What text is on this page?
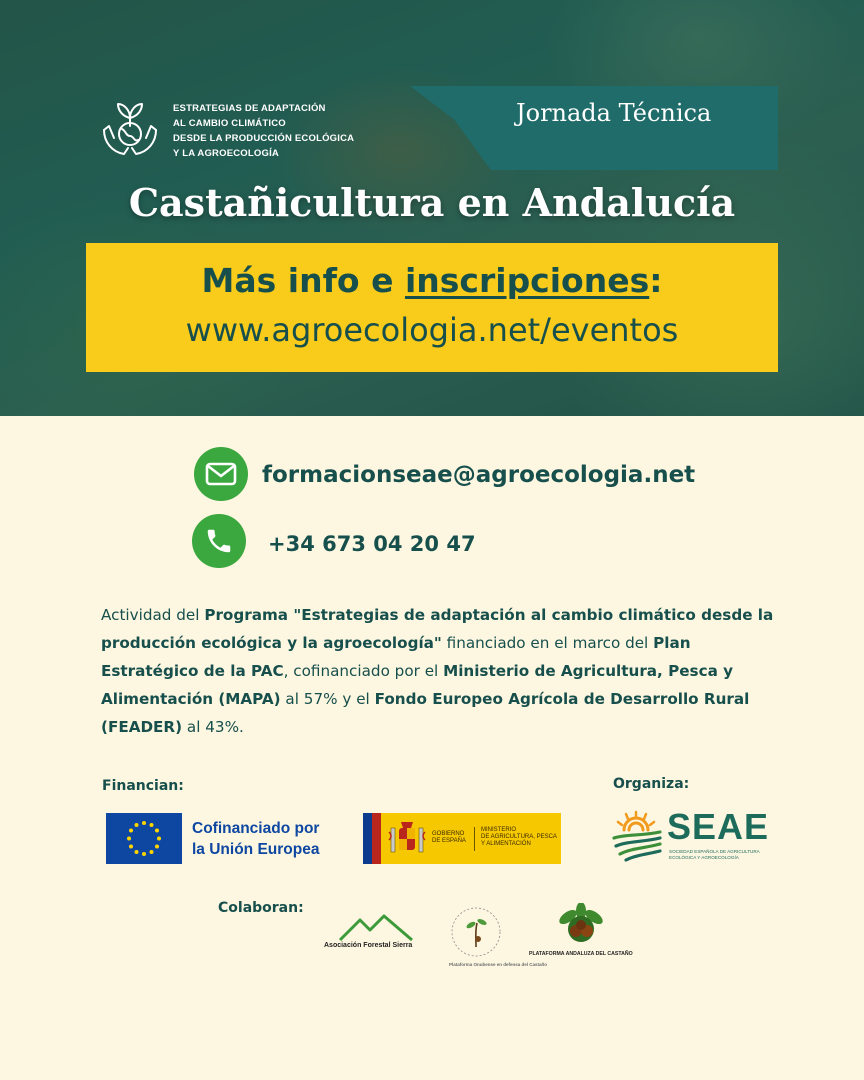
ESTRATEGIAS DE ADAPTACIÓN
AL CAMBIO CLIMÁTICO
DESDE LA PRODUCCIÓN ECOLÓGICA
Y LA AGROECOLOGÍA
Jornada Técnica
Castañicultura en Andalucía
Más info e inscripciones:
www.agroecologia.net/eventos
formacionseae@agroecologia.net
+34 673 04 20 47
Actividad del Programa "Estrategias de adaptación al cambio climático desde la producción ecológica y la agroecología" financiado en el marco del Plan Estratégico de la PAC, cofinanciado por el Ministerio de Agricultura, Pesca y Alimentación (MAPA) al 57% y el Fondo Europeo Agrícola de Desarrollo Rural (FEADER) al 43%.
Financian:
Cofinanciado por
la Unión Europea
GOBIERNO
DE ESPAÑA
MINISTERIO
DE AGRICULTURA, PESCA
Y ALIMENTACIÓN
Organiza:
SEAE
SOCIEDAD ESPAÑOLA DE AGRICULTURA ECOLÓGICA Y AGROECOLOGÍA
Colaboran:
Asociación Forestal Sierra
Plataforma Onubense en defensa del Castaño
PLATAFORMA ANDALUZA DEL CASTAÑO
